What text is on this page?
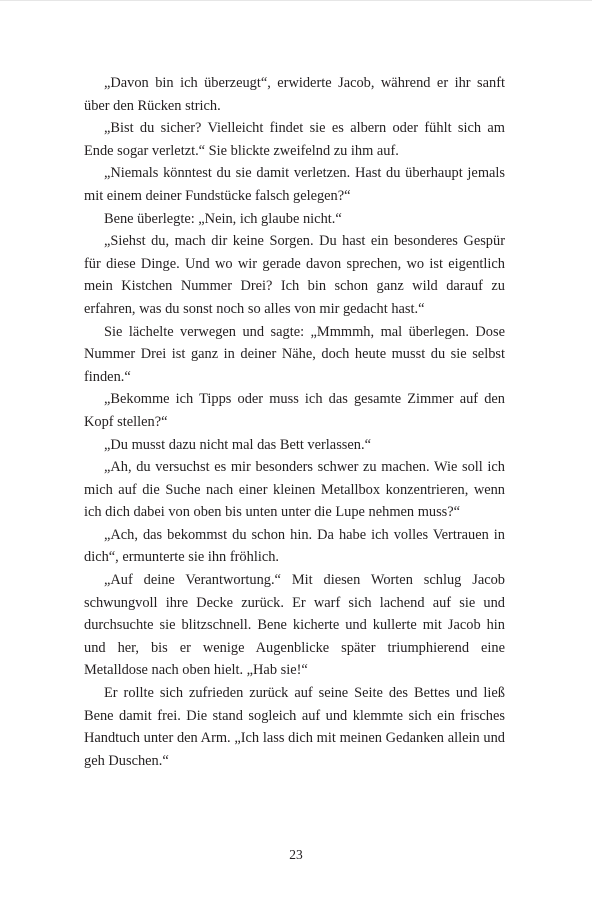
„Davon bin ich überzeugt“, erwiderte Jacob, während er ihr sanft über den Rücken strich.

„Bist du sicher? Vielleicht findet sie es albern oder fühlt sich am Ende sogar verletzt.“ Sie blickte zweifelnd zu ihm auf.

„Niemals könntest du sie damit verletzen. Hast du überhaupt jemals mit einem deiner Fundstücke falsch gelegen?“

Bene überlegte: „Nein, ich glaube nicht.“

„Siehst du, mach dir keine Sorgen. Du hast ein besonderes Gespür für diese Dinge. Und wo wir gerade davon sprechen, wo ist eigentlich mein Kistchen Nummer Drei? Ich bin schon ganz wild darauf zu erfahren, was du sonst noch so alles von mir gedacht hast.“

Sie lächelte verwegen und sagte: „Mmmmh, mal überlegen. Dose Nummer Drei ist ganz in deiner Nähe, doch heute musst du sie selbst finden.“

„Bekomme ich Tipps oder muss ich das gesamte Zimmer auf den Kopf stellen?“

„Du musst dazu nicht mal das Bett verlassen.“

„Ah, du versuchst es mir besonders schwer zu machen. Wie soll ich mich auf die Suche nach einer kleinen Metallbox konzentrieren, wenn ich dich dabei von oben bis unten unter die Lupe nehmen muss?“

„Ach, das bekommst du schon hin. Da habe ich volles Vertrauen in dich“, ermunterte sie ihn fröhlich.

„Auf deine Verantwortung.“ Mit diesen Worten schlug Jacob schwungvoll ihre Decke zurück. Er warf sich lachend auf sie und durchsuchte sie blitzschnell. Bene kicherte und kullerte mit Jacob hin und her, bis er wenige Augenblicke später triumphierend eine Metalldose nach oben hielt. „Hab sie!“

Er rollte sich zufrieden zurück auf seine Seite des Bettes und ließ Bene damit frei. Die stand sogleich auf und klemmte sich ein frisches Handtuch unter den Arm. „Ich lass dich mit meinen Gedanken allein und geh Duschen.“

23
